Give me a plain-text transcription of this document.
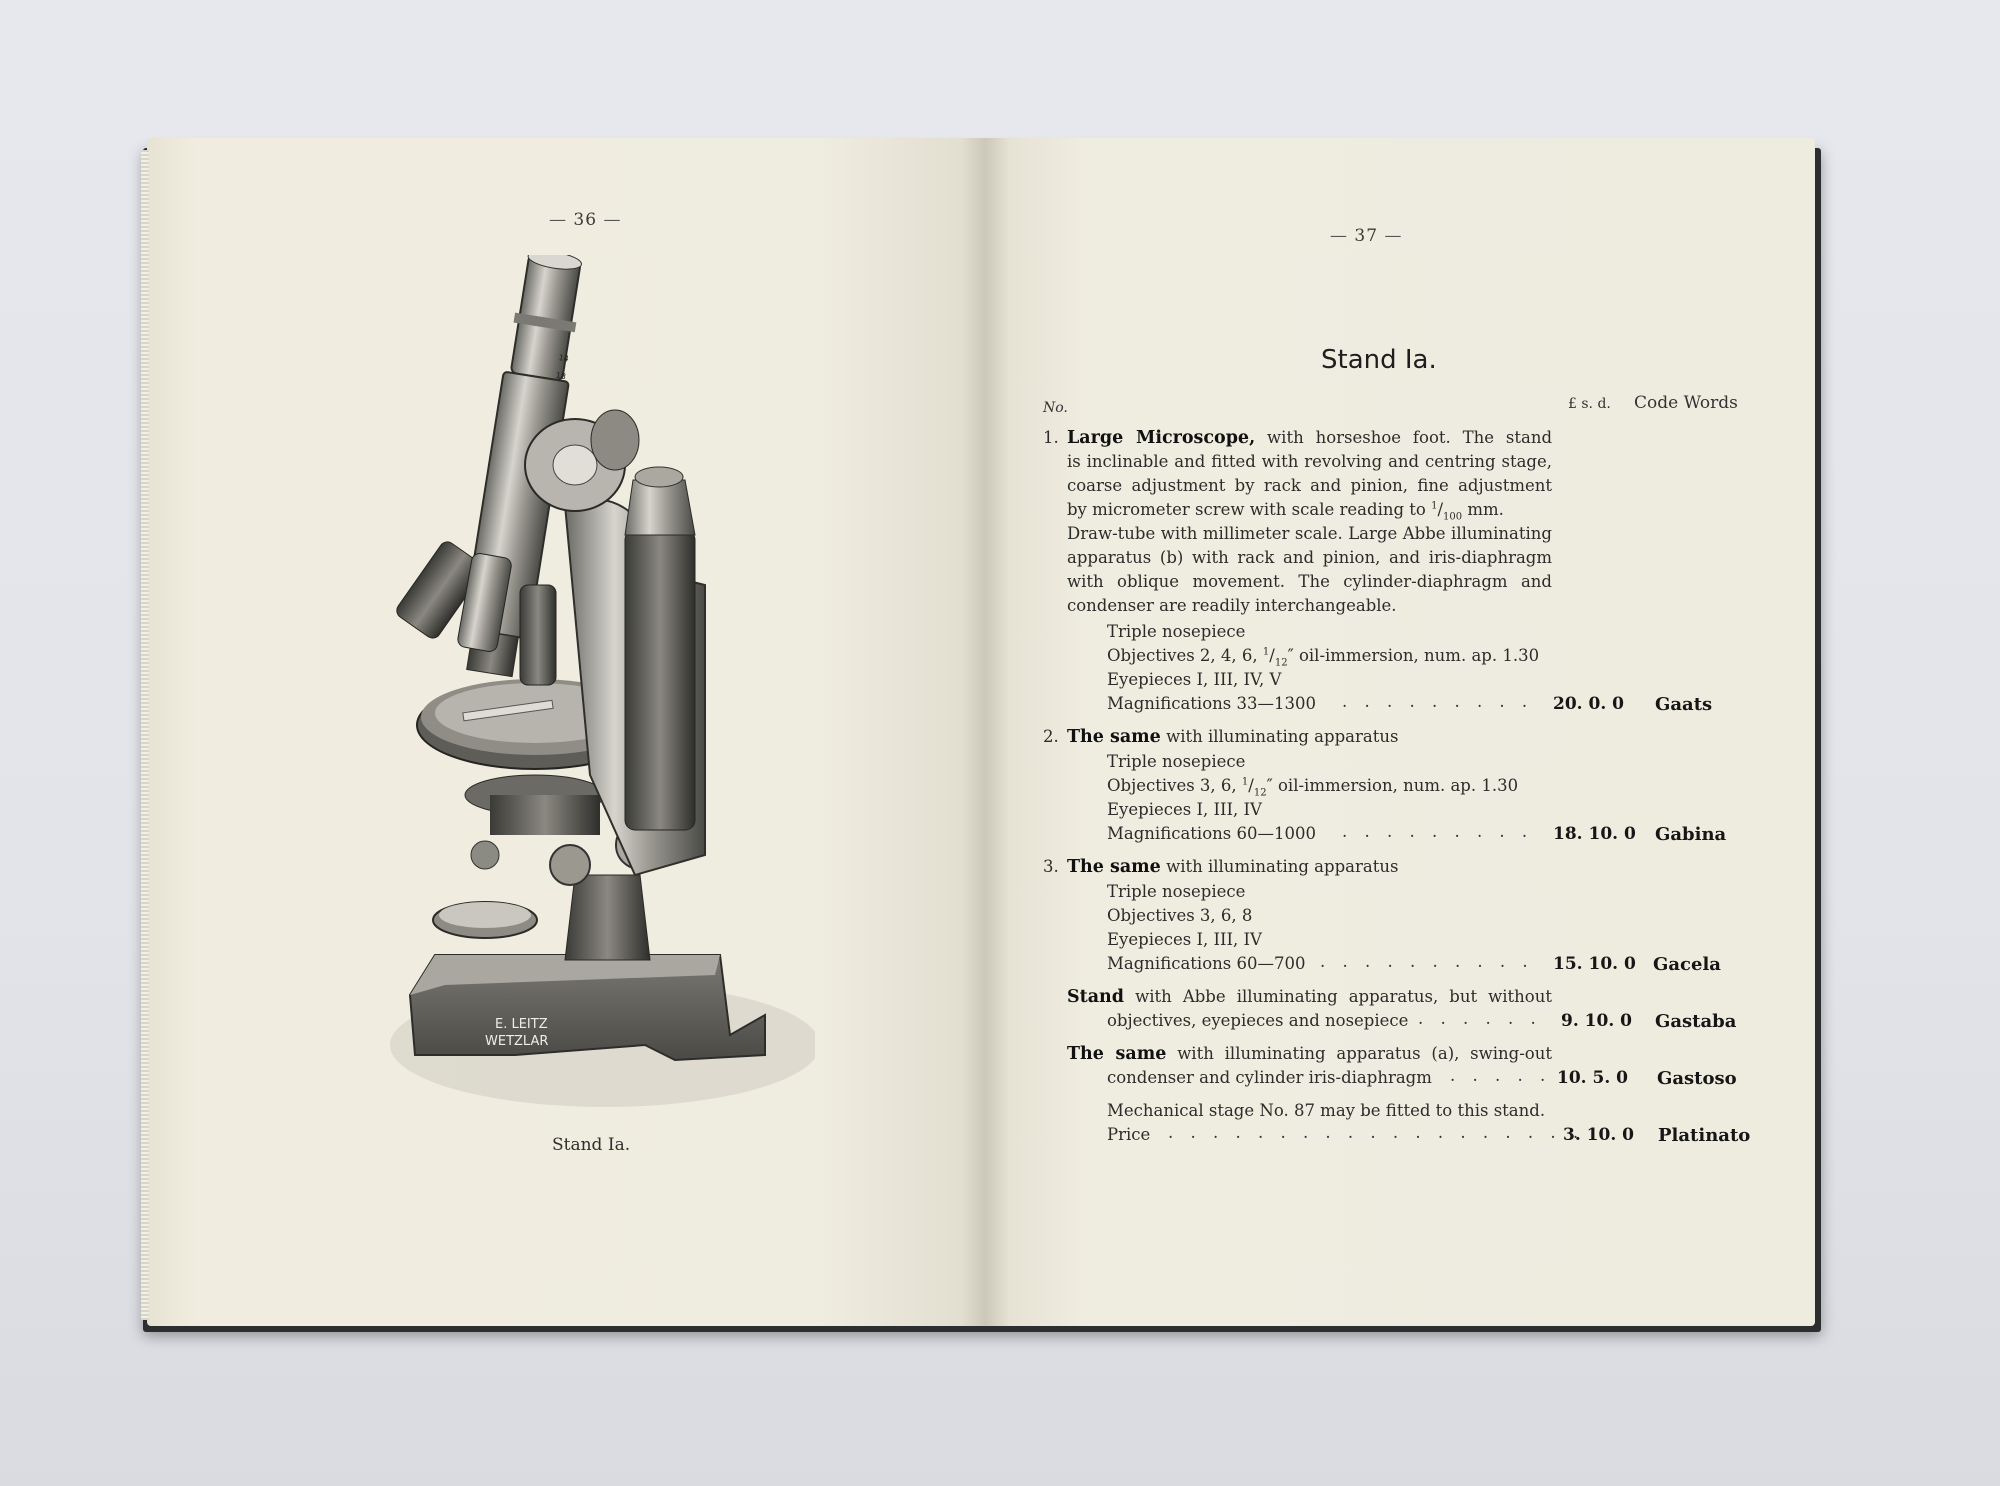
— 36 —
E. LEITZ
WETZLAR
14
18
Stand Ia.
— 37 —
Stand Ia.
No.	£ s. d. Code Words
1. Large Microscope, with horseshoe foot. The stand
is inclinable and fitted with revolving and centring stage,
coarse adjustment by rack and pinion, fine adjustment
by micrometer screw with scale reading to $^1/_{100}$ mm.
Draw-tube with millimeter scale. Large Abbe illuminating
apparatus (b) with rack and pinion, and iris-diaphragm
with oblique movement. The cylinder-diaphragm and
condenser are readily interchangeable.
Triple nosepiece
Objectives 2, 4, 6, $^1/_{12}''$ oil-immersion, num. ap. 1.30
Eyepieces I, III, IV, V
Magnifications 33—1300 . . . . . . . . . 20. 0. 0 Gaats
2. The same with illuminating apparatus
Triple nosepiece
Objectives 3, 6, $^1/_{12}''$ oil-immersion, num. ap. 1.30
Eyepieces I, III, IV
Magnifications 60—1000 . . . . . . . . . 18. 10. 0 Gabina
3. The same with illuminating apparatus
Triple nosepiece
Objectives 3, 6, 8
Eyepieces I, III, IV
Magnifications 60—700 . . . . . . . . . . 15. 10. 0 Gacela
Stand with Abbe illuminating apparatus, but without
objectives, eyepieces and nosepiece . . . . . . 9. 10. 0 Gastaba
The same with illuminating apparatus (a), swing-out
condenser and cylinder iris-diaphragm . . . . . 10. 5. 0 Gastoso
Mechanical stage No. 87 may be fitted to this stand.
Price . . . . . . . . . . . . . . . . . . .
3. 10. 0 Platinato
